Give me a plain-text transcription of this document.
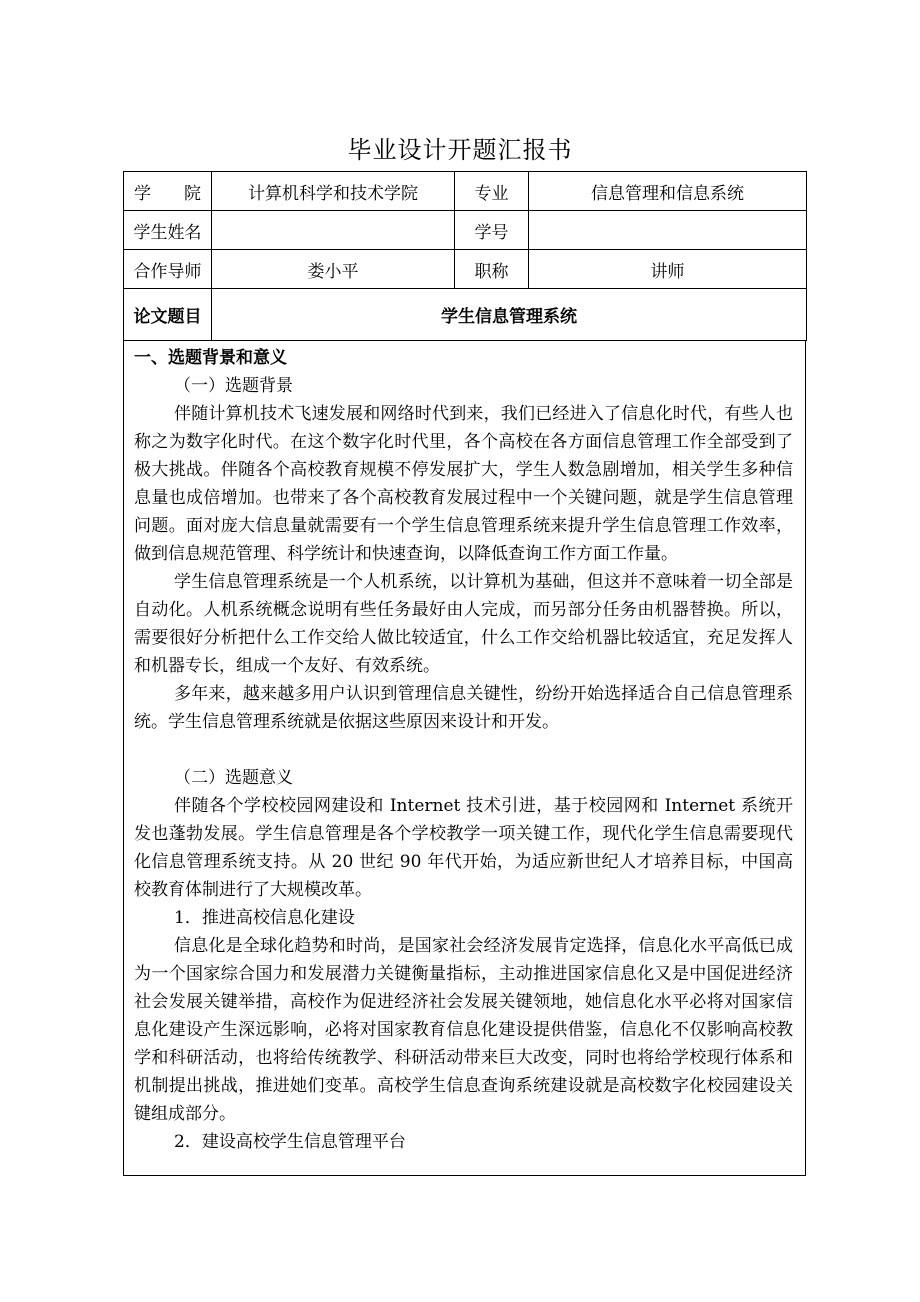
毕业设计开题汇报书
学 院	计算机科学和技术学院	专业	信息管理和信息系统
学生姓名		学号	
合作导师	娄小平	职称	讲师
论文题目	学生信息管理系统		

一、选题背景和意义

（一）选题背景

伴随计算机技术飞速发展和网络时代到来，我们已经进入了信息化时代，有些人也称之为数字化时代。在这个数字化时代里，各个高校在各方面信息管理工作全部受到了极大挑战。伴随各个高校教育规模不停发展扩大，学生人数急剧增加，相关学生多种信息量也成倍增加。也带来了各个高校教育发展过程中一个关键问题，就是学生信息管理问题。面对庞大信息量就需要有一个学生信息管理系统来提升学生信息管理工作效率，做到信息规范管理、科学统计和快速查询，以降低查询工作方面工作量。

学生信息管理系统是一个人机系统，以计算机为基础，但这并不意味着一切全部是自动化。人机系统概念说明有些任务最好由人完成，而另部分任务由机器替换。所以，需要很好分析把什么工作交给人做比较适宜，什么工作交给机器比较适宜，充足发挥人和机器专长，组成一个友好、有效系统。

多年来，越来越多用户认识到管理信息关键性，纷纷开始选择适合自己信息管理系统。学生信息管理系统就是依据这些原因来设计和开发。

（二）选题意义

伴随各个学校校园网建设和 Internet 技术引进，基于校园网和 Internet 系统开发也蓬勃发展。学生信息管理是各个学校教学一项关键工作，现代化学生信息需要现代化信息管理系统支持。从 20 世纪 90 年代开始，为适应新世纪人才培养目标，中国高校教育体制进行了大规模改革。

1．推进高校信息化建设

信息化是全球化趋势和时尚，是国家社会经济发展肯定选择，信息化水平高低已成为一个国家综合国力和发展潜力关键衡量指标，主动推进国家信息化又是中国促进经济社会发展关键举措，高校作为促进经济社会发展关键领地，她信息化水平必将对国家信息化建设产生深远影响，必将对国家教育信息化建设提供借鉴，信息化不仅影响高校教学和科研活动，也将给传统教学、科研活动带来巨大改变，同时也将给学校现行体系和机制提出挑战，推进她们变革。高校学生信息查询系统建设就是高校数字化校园建设关键组成部分。

2．建设高校学生信息管理平台
